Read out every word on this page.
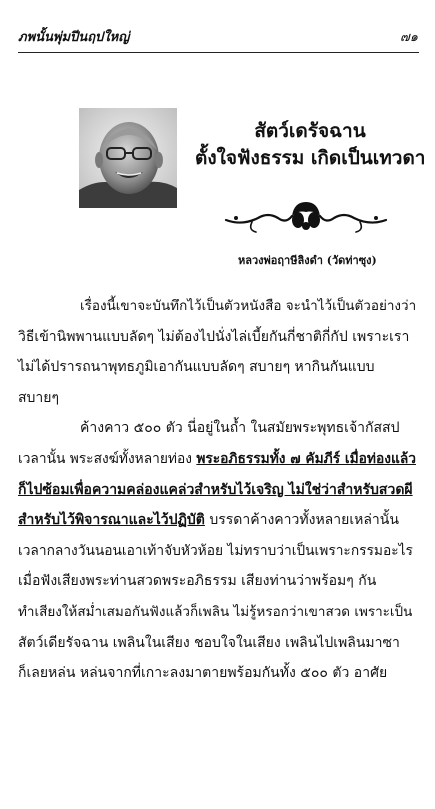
ภพนั้นพุ่มปีนฤปใหญ่	๗๑
สัตว์เดรัจฉาน
ตั้งใจฟังธรรม เกิดเป็นเทวดา
หลวงพ่อฤาษีลิงดำ (วัดท่าซุง)
เรื่องนี้เขาจะบันทึกไว้เป็นตัวหนังสือ จะนำไว้เป็นตัวอย่างว่า
วิธีเข้านิพพานแบบลัดๆ ไม่ต้องไปนั่งไล่เบี้ยกันกี่ชาติกี่กัป เพราะเรา
ไม่ได้ปรารถนาพุทธภูมิเอากันแบบลัดๆ สบายๆ หากินกันแบบ
สบายๆ
ค้างคาว ๕๐๐ ตัว นี่อยู่ในถ้ำ ในสมัยพระพุทธเจ้ากัสสป
เวลานั้น พระสงฆ์ทั้งหลายท่อง พระอภิธรรมทั้ง ๗ คัมภีร์ เมื่อท่องแล้ว
ก็ไปซ้อมเพื่อความคล่องแคล่วสำหรับไว้เจริญ ไม่ใช่ว่าสำหรับสวดผี
สำหรับไว้พิจารณาและไว้ปฏิบัติ บรรดาค้างคาวทั้งหลายเหล่านั้น
เวลากลางวันนอนเอาเท้าจับหัวห้อย ไม่ทราบว่าเป็นเพราะกรรมอะไร
เมื่อฟังเสียงพระท่านสวดพระอภิธรรม เสียงท่านว่าพร้อมๆ กัน
ทำเสียงให้สม่ำเสมอกันฟังแล้วก็เพลิน ไม่รู้หรอกว่าเขาสวด เพราะเป็น
สัตว์เดียรัจฉาน เพลินในเสียง ชอบใจในเสียง เพลินไปเพลินมาซา
ก็เลยหล่น หล่นจากที่เกาะลงมาตายพร้อมกันทั้ง ๕๐๐ ตัว อาศัย
